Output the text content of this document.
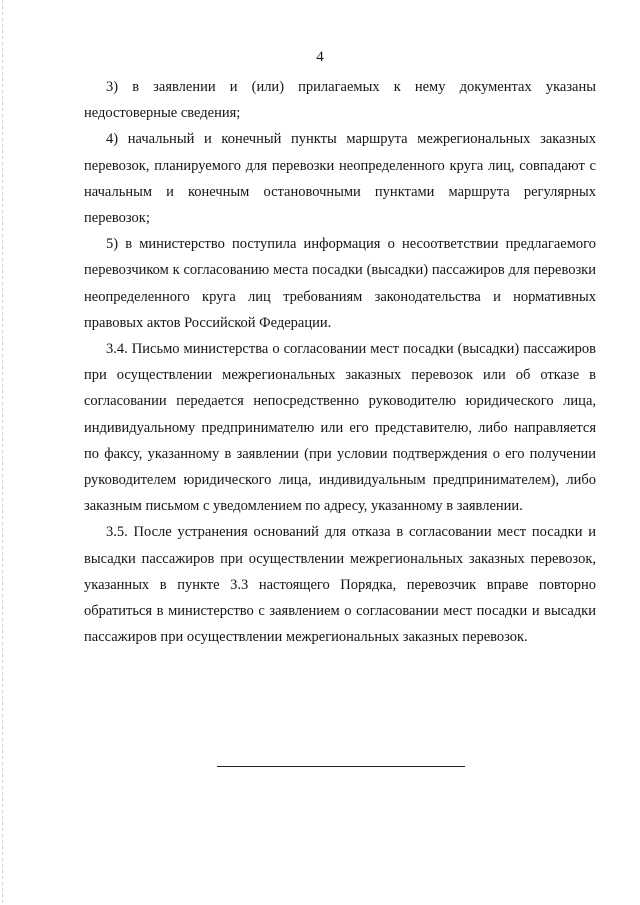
4

3) в заявлении и (или) прилагаемых к нему документах указаны недостоверные сведения;

4) начальный и конечный пункты маршрута межрегиональных заказных перевозок, планируемого для перевозки неопределенного круга лиц, совпадают с начальным и конечным остановочными пунктами маршрута регулярных перевозок;

5) в министерство поступила информация о несоответствии предлагаемого перевозчиком к согласованию места посадки (высадки) пассажиров для перевозки неопределенного круга лиц требованиям законодательства и нормативных правовых актов Российской Федерации.

3.4. Письмо министерства о согласовании мест посадки (высадки) пассажиров при осуществлении межрегиональных заказных перевозок или об отказе в согласовании передается непосредственно руководителю юридического лица, индивидуальному предпринимателю или его представителю, либо направляется по факсу, указанному в заявлении (при условии подтверждения о его получении руководителем юридического лица, индивидуальным предпринимателем), либо заказным письмом с уведомлением по адресу, указанному в заявлении.

3.5. После устранения оснований для отказа в согласовании мест посадки и высадки пассажиров при осуществлении межрегиональных заказных перевозок, указанных в пункте 3.3 настоящего Порядка, перевозчик вправе повторно обратиться в министерство с заявлением о согласовании мест посадки и высадки пассажиров при осуществлении межрегиональных заказных перевозок.
